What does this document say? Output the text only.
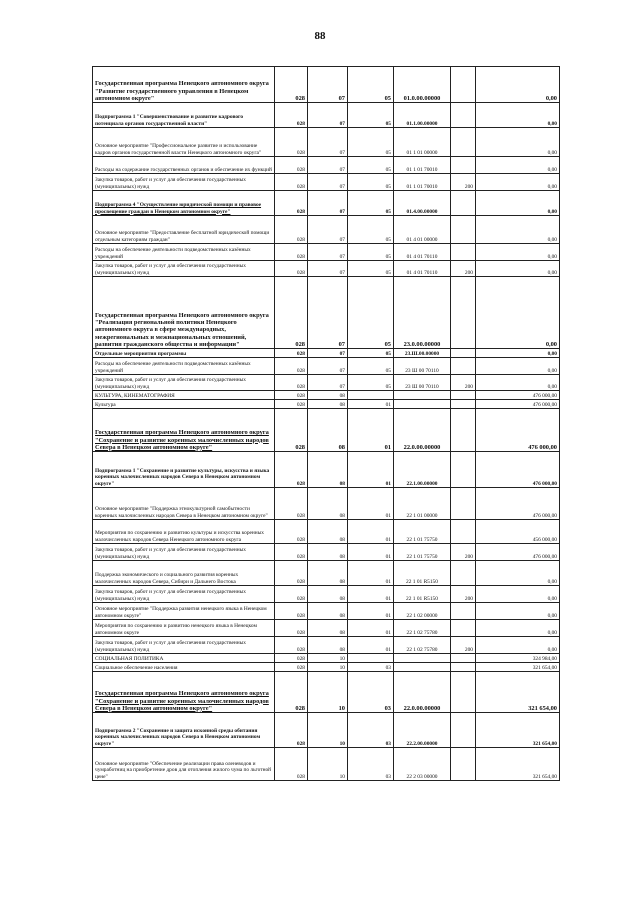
88
Государственная программа Ненецкого автономного округа "Развитие государственного управления в Ненецком автономном округе"	028	07	05	01.0.00.00000		0,00
Подпрограмма 1 "Совершенствование и развитие кадрового потенциала органов государственной власти"	028	07	05	01.1.00.00000		0,00
Основное мероприятие "Профессиональное развитие и использование кадров органов государственной власти Ненецкого автономного округа"	028	07	05	01 1 01 00000		0,00
Расходы на содержание государственных органов и обеспечение их функций	028	07	05	01 1 01 70010		0,00
Закупка товаров, работ и услуг для обеспечения государственных (муниципальных) нужд	028	07	05	01 1 01 70010	200	0,00
Подпрограмма 4 "Осуществление юридической помощи и правовое просвещение граждан в Ненецком автономном округе"	028	07	05	01.4.00.00000		0,00
Основное мероприятие "Предоставление бесплатной юридической помощи отдельным категориям граждан"	028	07	05	01 4 01 00000		0,00
Расходы на обеспечение деятельности подведомственных казённых учреждений	028	07	05	01 4 01 70110		0,00
Закупка товаров, работ и услуг для обеспечения государственных (муниципальных) нужд	028	07	05	01 4 01 70110	200	0,00
Государственная программа Ненецкого автономного округа "Реализация региональной политики Ненецкого автономного округа в сфере международных, межрегиональных и межнациональных отношений, развития гражданского общества и информации"	028	07	05	23.0.00.00000		0,00
Отдельные мероприятия программы	028	07	05	23.Ш.00.00000		0,00
Расходы на обеспечение деятельности подведомственных казённых учреждений	028	07	05	23 Ш 00 70110		0,00
Закупка товаров, работ и услуг для обеспечения государственных (муниципальных) нужд	028	07	05	23 Ш 00 70110	200	0,00
КУЛЬТУРА, КИНЕМАТОГРАФИЯ	028	08				476 000,00
Культура	028	08	01			476 000,00
Государственная программа Ненецкого автономного округа "Сохранение и развитие коренных малочисленных народов Севера в Ненецком автономном округе"	028	08	01	22.0.00.00000		476 000,00
Подпрограмма 1 "Сохранение и развитие культуры, искусства и языка коренных малочисленных народов Севера в Ненецком автономном округе"	028	08	01	22.1.00.00000		476 000,00
Основное мероприятие "Поддержка этнокультурной самобытности коренных малочисленных народов Севера в Ненецком автономном округе"	028	08	01	22 1 01 00000		476 000,00
Мероприятия по сохранению и развитию культуры и искусства коренных малочисленных народов Севера Ненецкого автономного округа	028	08	01	22 1 01 75750		456 000,00
Закупка товаров, работ и услуг для обеспечения государственных (муниципальных) нужд	028	08	01	22 1 01 75750	200	476 000,00
Поддержка экономического и социального развития коренных малочисленных народов Севера, Сибири и Дальнего Востока	028	08	01	22 1 01 R5150		0,00
Закупка товаров, работ и услуг для обеспечения государственных (муниципальных) нужд	028	08	01	22 1 01 R5150	200	0,00
Основное мероприятие "Поддержка развития ненецкого языка в Ненецком автономном округе"	028	08	01	22 1 02 00000		0,00
Мероприятия по сохранению и развитию ненецкого языка в Ненецком автономном округе	028	08	01	22 1 02 75780		0,00
Закупка товаров, работ и услуг для обеспечения государственных (муниципальных) нужд	028	08	01	22 1 02 75780	200	0,00
СОЦИАЛЬНАЯ ПОЛИТИКА	028	10				324 984,00
Социальное обеспечение населения	028	10	03			321 654,00
Государственная программа Ненецкого автономного округа "Сохранение и развитие коренных малочисленных народов Севера в Ненецком автономном округе"	028	10	03	22.0.00.00000		321 654,00
Подпрограмма 2 "Сохранение и защита исконной среды обитания коренных малочисленных народов Севера в Ненецком автономном округе"	028	10	03	22.2.00.00000		321 654,00
Основное мероприятие "Обеспечение реализации права оленеводов и чумработниц на приобретение дров для отопления жилого чума по льготной цене"	028	10	03	22 2 03 00000		321 654,00
